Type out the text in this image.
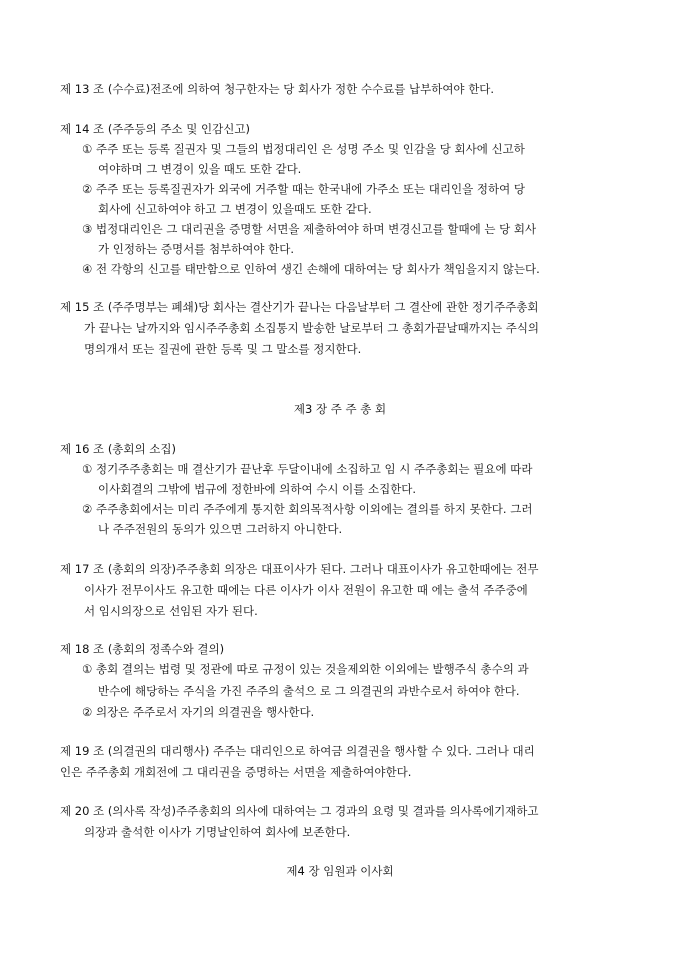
제 13 조 (수수료)전조에 의하여 청구한자는 당 회사가 정한 수수료를 납부하여야 한다.
제 14 조 (주주등의 주소 및 인감신고)
① 주주 또는 등록 질권자 및 그들의 법정대리인 은 성명 주소 및 인감을 당 회사에 신고하
여야하며 그 변경이 있을 때도 또한 같다.
② 주주 또는 등록질권자가 외국에 거주할 때는 한국내에 가주소 또는 대리인을 정하여 당
회사에 신고하여야 하고 그 변경이 있을때도 또한 같다.
③ 법정대리인은 그 대리권을 증명할 서면을 제출하여야 하며 변경신고를 할때에 는 당 회사
가 인정하는 증명서를 첨부하여야 한다.
④ 전 각항의 신고를 태만함으로 인하여 생긴 손해에 대하여는 당 회사가 책임을지지 않는다.
제 15 조 (주주명부는 폐쇄)당 회사는 결산기가 끝나는 다음날부터 그 결산에 관한 정기주주총회
가 끝나는 날까지와 임시주주총회 소집통지 발송한 날로부터 그 총회가끝날때까지는 주식의
명의개서 또는 질권에 관한 등록 및 그 말소를 정지한다.
제3 장 주 주 총 회
제 16 조 (총회의 소집)
① 정기주주총회는 매 결산기가 끝난후 두달이내에 소집하고 임 시 주주총회는 필요에 따라
이사회결의 그밖에 법규에 정한바에 의하여 수시 이를 소집한다.
② 주주총회에서는 미리 주주에게 통지한 회의목적사항 이외에는 결의를 하지 못한다. 그러
나 주주전원의 동의가 있으면 그러하지 아니한다.
제 17 조 (총회의 의장)주주총회 의장은 대표이사가 된다. 그러나 대표이사가 유고한때에는 전무
이사가 전무이사도 유고한 때에는 다른 이사가 이사 전원이 유고한 때 에는 출석 주주중에
서 임시의장으로 선임된 자가 된다.
제 18 조 (총회의 정족수와 결의)
① 총회 결의는 법령 및 정관에 따로 규정이 있는 것을제외한 이외에는 발행주식 총수의 과
반수에 해당하는 주식을 가진 주주의 출석으 로 그 의결권의 과반수로서 하여야 한다.
② 의장은 주주로서 자기의 의결권을 행사한다.
제 19 조 (의결권의 대리행사) 주주는 대리인으로 하여금 의결권을 행사할 수 있다. 그러나 대리
인은 주주총회 개회전에 그 대리권을 증명하는 서면을 제출하여야한다.
제 20 조 (의사록 작성)주주총회의 의사에 대하여는 그 경과의 요령 및 결과를 의사록에기재하고
의장과 출석한 이사가 기명날인하여 회사에 보존한다.
제4 장 임원과 이사회
